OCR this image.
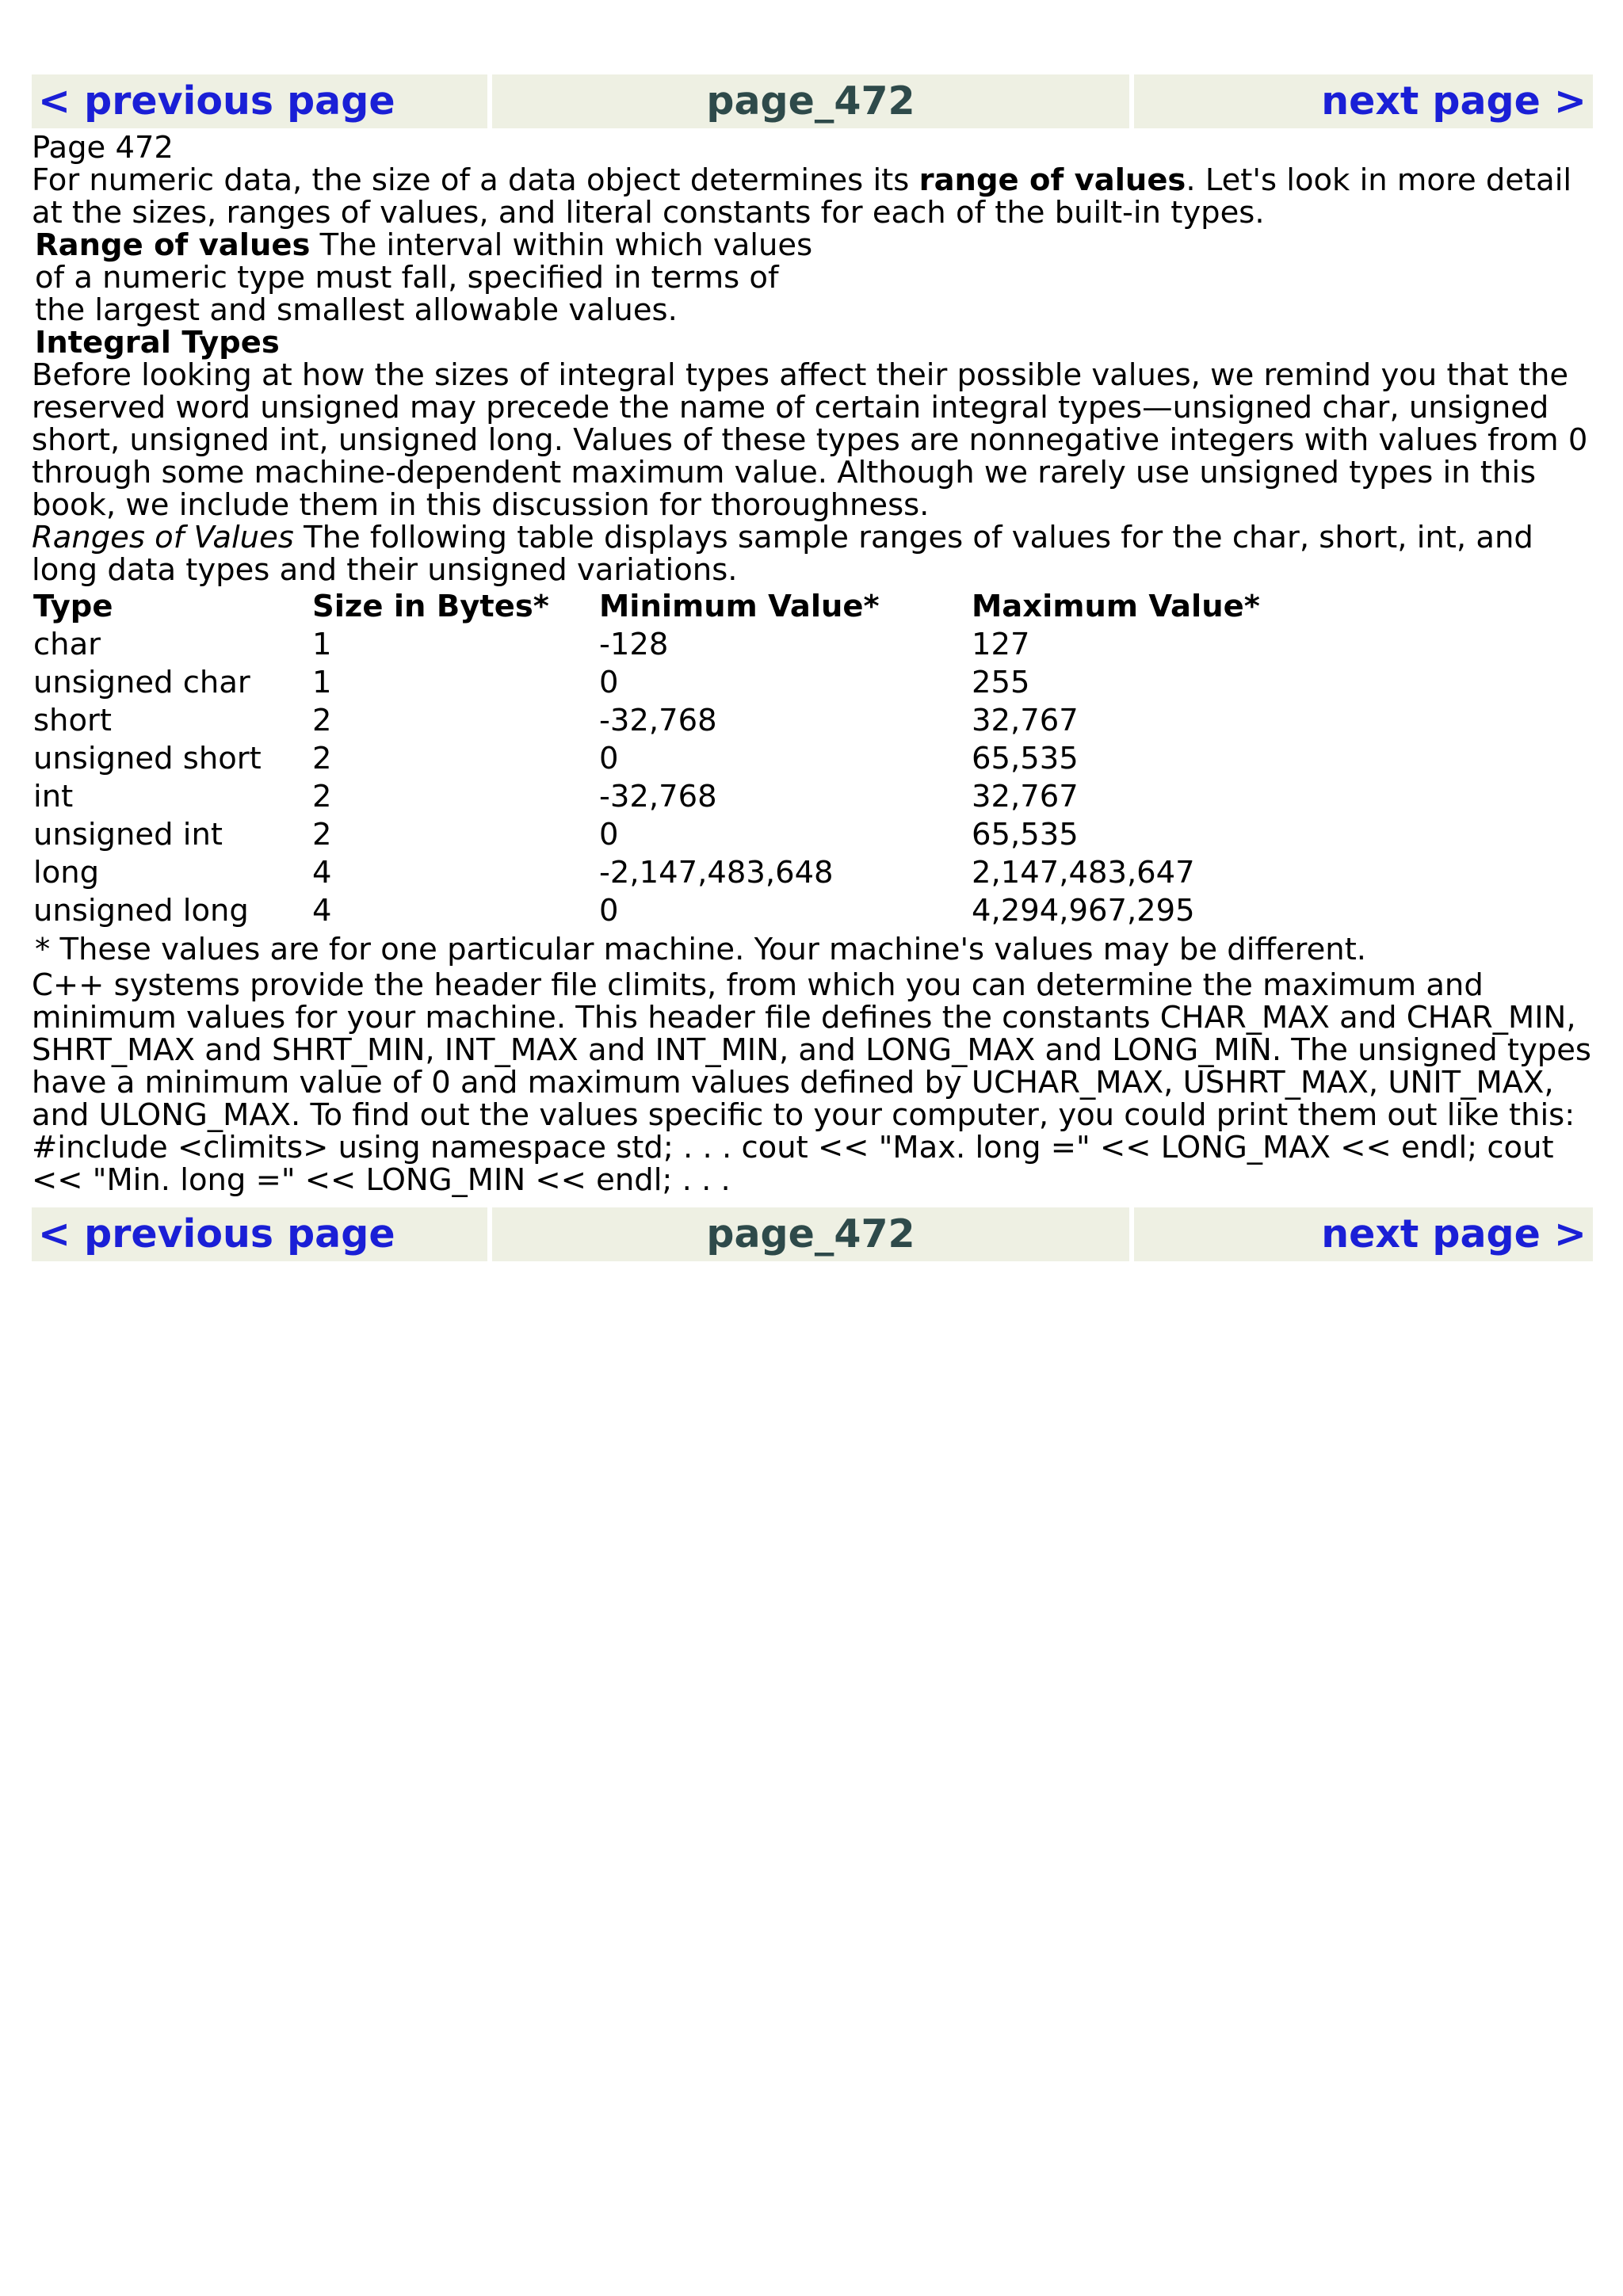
< previous page	page_472	next page >

Page 472

For numeric data, the size of a data object determines its range of values. Let's look in more detail at the sizes, ranges of values, and literal constants for each of the built-in types.

Range of values The interval within which values of a numeric type must fall, specified in terms of the largest and smallest allowable values.

Integral Types

Before looking at how the sizes of integral types affect their possible values, we remind you that the reserved word unsigned may precede the name of certain integral types—unsigned char, unsigned short, unsigned int, unsigned long. Values of these types are nonnegative integers with values from 0 through some machine-dependent maximum value. Although we rarely use unsigned types in this book, we include them in this discussion for thoroughness.

Ranges of Values The following table displays sample ranges of values for the char, short, int, and long data types and their unsigned variations.

Type	Size in Bytes*	Minimum Value*	Maximum Value*
char	1	-128	127
unsigned char	1	0	255
short	2	-32,768	32,767
unsigned short	2	0	65,535
int	2	-32,768	32,767
unsigned int	2	0	65,535
long	4	-2,147,483,648	2,147,483,647
unsigned long	4	0	4,294,967,295

* These values are for one particular machine. Your machine's values may be different.

C++ systems provide the header file climits, from which you can determine the maximum and minimum values for your machine. This header file defines the constants CHAR_MAX and CHAR_MIN, SHRT_MAX and SHRT_MIN, INT_MAX and INT_MIN, and LONG_MAX and LONG_MIN. The unsigned types have a minimum value of 0 and maximum values defined by UCHAR_MAX, USHRT_MAX, UNIT_MAX, and ULONG_MAX. To find out the values specific to your computer, you could print them out like this: #include <climits> using namespace std; . . . cout << "Max. long =" << LONG_MAX << endl; cout << "Min. long =" << LONG_MIN << endl; . . .

< previous page	page_472	next page >
